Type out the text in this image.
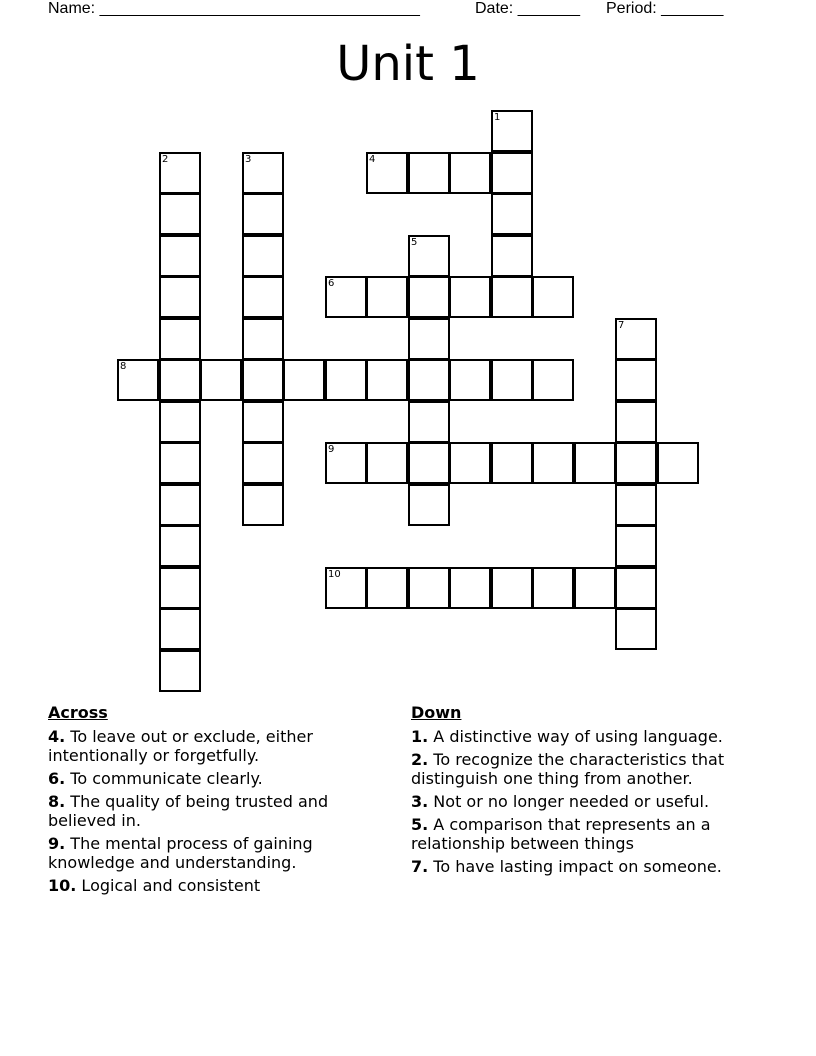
Name: ____________________________________	Date: _______ Period: _______
Unit 1
1
2	3	4
5
6
7
8
9
10
Across
4. To leave out or exclude, either intentionally or forgetfully.
6. To communicate clearly.
8. The quality of being trusted and believed in.
9. The mental process of gaining knowledge and understanding.
10. Logical and consistent
Down
1. A distinctive way of using language.
2. To recognize the characteristics that distinguish one thing from another.
3. Not or no longer needed or useful.
5. A comparison that represents an a relationship between things
7. To have lasting impact on someone.
